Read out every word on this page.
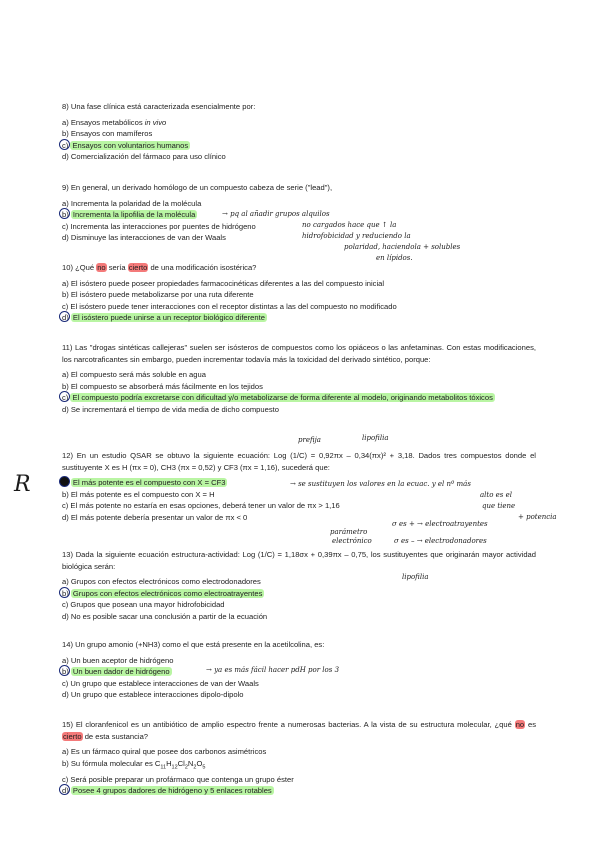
8) Una fase clínica está caracterizada esencialmente por:
a) Ensayos metabólicos in vivo
b) Ensayos con mamíferos
c) Ensayos con voluntarios humanos
d) Comercialización del fármaco para uso clínico
9) En general, un derivado homólogo de un compuesto cabeza de serie ("lead"),
a) Incrementa la polaridad de la molécula
b) Incrementa la lipofilia de la molécula
c) Incrementa las interacciones por puentes de hidrógeno
d) Disminuye las interacciones de van der Waals
→ pq al añadir grupos alquilos
no cargados hace que ↑ la
hidrofobicidad y reduciendo la
polaridad, haciendola + solubles
en lípidos.
10) ¿Qué no sería cierto de una modificación isostérica?
a) El isóstero puede poseer propiedades farmacocinéticas diferentes a las del compuesto inicial
b) El isóstero puede metabolizarse por una ruta diferente
c) El isóstero puede tener interacciones con el receptor distintas a las del compuesto no modificado
d) El isóstero puede unirse a un receptor biológico diferente
11) Las "drogas sintéticas callejeras" suelen ser isósteros de compuestos como los opiáceos o las anfetaminas. Con estas modificaciones, los narcotraficantes sin embargo, pueden incrementar todavía más la toxicidad del derivado sintético, porque:
a) El compuesto será más soluble en agua
b) El compuesto se absorberá más fácilmente en los tejidos
c) El compuesto podría excretarse con dificultad y/o metabolizarse de forma diferente al modelo, originando metabolitos tóxicos
d) Se incrementará el tiempo de vida media de dicho compuesto
prefija	lipofilia
12) En un estudio QSAR se obtuvo la siguiente ecuación: Log (1/C) = 0,92πx – 0,34(πx)² + 3,18. Dados tres compuestos donde el sustituyente X es H (πx = 0), CH3 (πx = 0,52) y CF3 (πx = 1,16), sucederá que:
El más potente es el compuesto con X = CF3
b) El más potente es el compuesto con X = H
c) El más potente no estaría en esas opciones, deberá tener un valor de πx > 1,16
d) El más potente debería presentar un valor de πx < 0
R	→ se sustituyen los valores en la ecuac. y el nº más
alto es el
que tiene
+ potencia
σ es + → electroatrayentes
parámetro
electrónico	σ es – → electrodonadores
13) Dada la siguiente ecuación estructura-actividad: Log (1/C) = 1,18σx + 0,39πx – 0,75, los sustituyentes que originarán mayor actividad biológica serán:
a) Grupos con efectos electrónicos como electrodonadores
b) Grupos con efectos electrónicos como electroatrayentes
c) Grupos que posean una mayor hidrofobicidad
d) No es posible sacar una conclusión a partir de la ecuación
lipofilia
14) Un grupo amonio (+NH3) como el que está presente en la acetilcolina, es:
a) Un buen aceptor de hidrógeno
b) Un buen dador de hidrógeno
c) Un grupo que establece interacciones de van der Waals
d) Un grupo que establece interacciones dipolo-dipolo
→ ya es más fácil hacer pdH por los 3
15) El cloranfenicol es un antibiótico de amplio espectro frente a numerosas bacterias. A la vista de su estructura molecular, ¿qué no es cierto de esta sustancia?
a) Es un fármaco quiral que posee dos carbonos asimétricos
b) Su fórmula molecular es $C_{11}H_{12}Cl_2N_2O_5$
c) Será posible preparar un profármaco que contenga un grupo éster
d) Posee 4 grupos dadores de hidrógeno y 5 enlaces rotables
